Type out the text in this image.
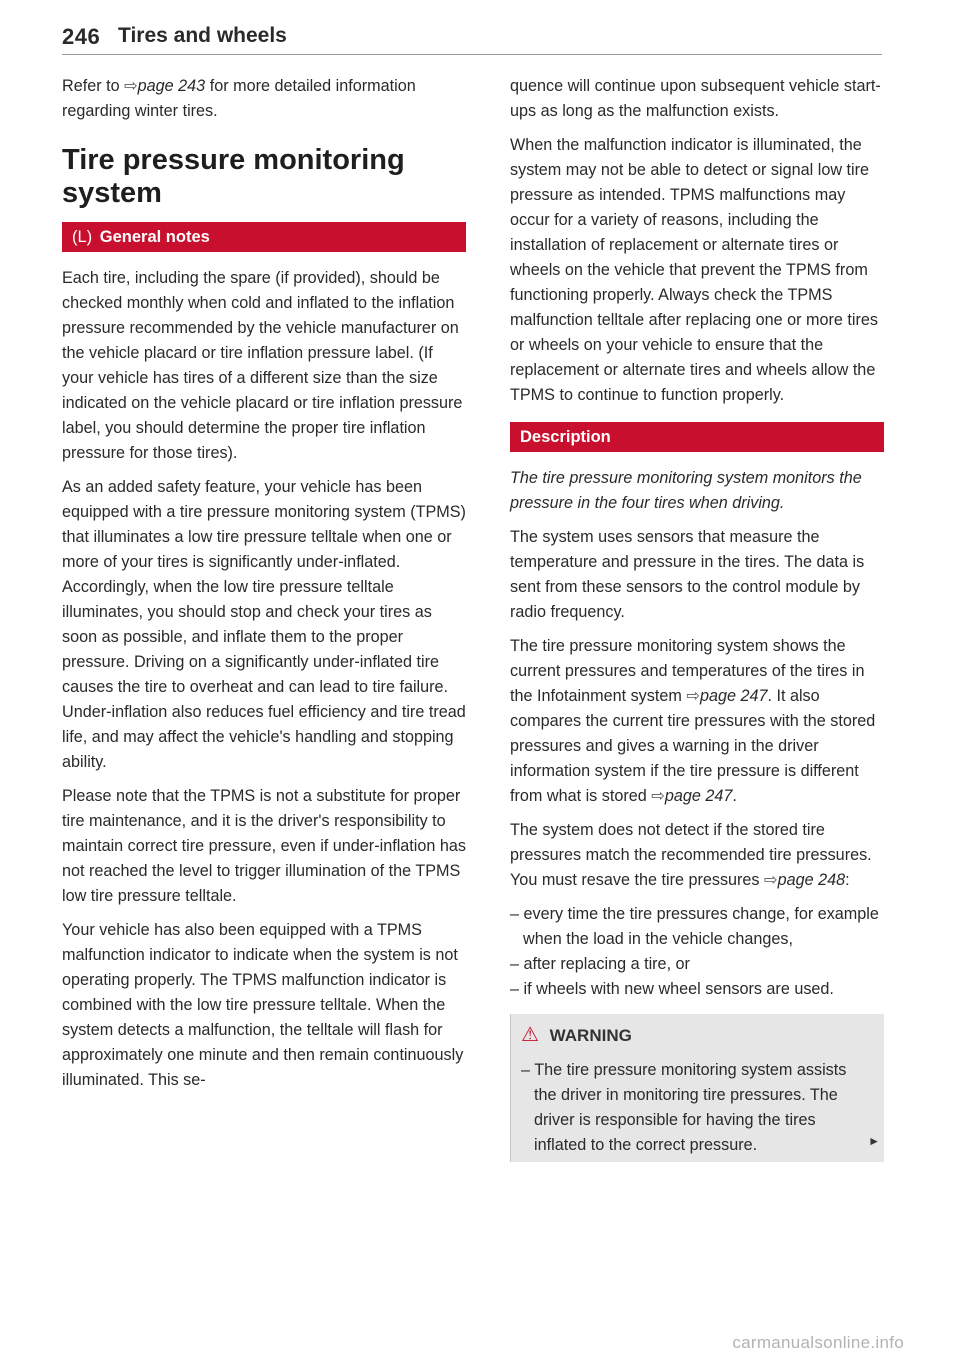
246 Tires and wheels

Refer to ⇨page 243 for more detailed information regarding winter tires.

Tire pressure monitoring system
(L) General notes

Each tire, including the spare (if provided), should be checked monthly when cold and inflated to the inflation pressure recommended by the vehicle manufacturer on the vehicle placard or tire inflation pressure label. (If your vehicle has tires of a different size than the size indicated on the vehicle placard or tire inflation pressure label, you should determine the proper tire inflation pressure for those tires).

As an added safety feature, your vehicle has been equipped with a tire pressure monitoring system (TPMS) that illuminates a low tire pressure telltale when one or more of your tires is significantly under-inflated. Accordingly, when the low tire pressure telltale illuminates, you should stop and check your tires as soon as possible, and inflate them to the proper pressure. Driving on a significantly under-inflated tire causes the tire to overheat and can lead to tire failure. Under-inflation also reduces fuel efficiency and tire tread life, and may affect the vehicle's handling and stopping ability.

Please note that the TPMS is not a substitute for proper tire maintenance, and it is the driver's responsibility to maintain correct tire pressure, even if under-inflation has not reached the level to trigger illumination of the TPMS low tire pressure telltale.

Your vehicle has also been equipped with a TPMS malfunction indicator to indicate when the system is not operating properly. The TPMS malfunction indicator is combined with the low tire pressure telltale. When the system detects a malfunction, the telltale will flash for approximately one minute and then remain continuously illuminated. This se-

quence will continue upon subsequent vehicle start-ups as long as the malfunction exists.

When the malfunction indicator is illuminated, the system may not be able to detect or signal low tire pressure as intended. TPMS malfunctions may occur for a variety of reasons, including the installation of replacement or alternate tires or wheels on the vehicle that prevent the TPMS from functioning properly. Always check the TPMS malfunction telltale after replacing one or more tires or wheels on your vehicle to ensure that the replacement or alternate tires and wheels allow the TPMS to continue to function properly.

Description

The tire pressure monitoring system monitors the pressure in the four tires when driving.

The system uses sensors that measure the temperature and pressure in the tires. The data is sent from these sensors to the control module by radio frequency.

The tire pressure monitoring system shows the current pressures and temperatures of the tires in the Infotainment system ⇨page 247. It also compares the current tire pressures with the stored pressures and gives a warning in the driver information system if the tire pressure is different from what is stored ⇨page 247.

The system does not detect if the stored tire pressures match the recommended tire pressures. You must resave the tire pressures ⇨page 248:

– every time the tire pressures change, for example when the load in the vehicle changes,
– after replacing a tire, or
– if wheels with new wheel sensors are used.
⚠ WARNING
– The tire pressure monitoring system assists the driver in monitoring tire pressures. The driver is responsible for having the tires inflated to the correct pressure.	►
carmanualsonline.info
